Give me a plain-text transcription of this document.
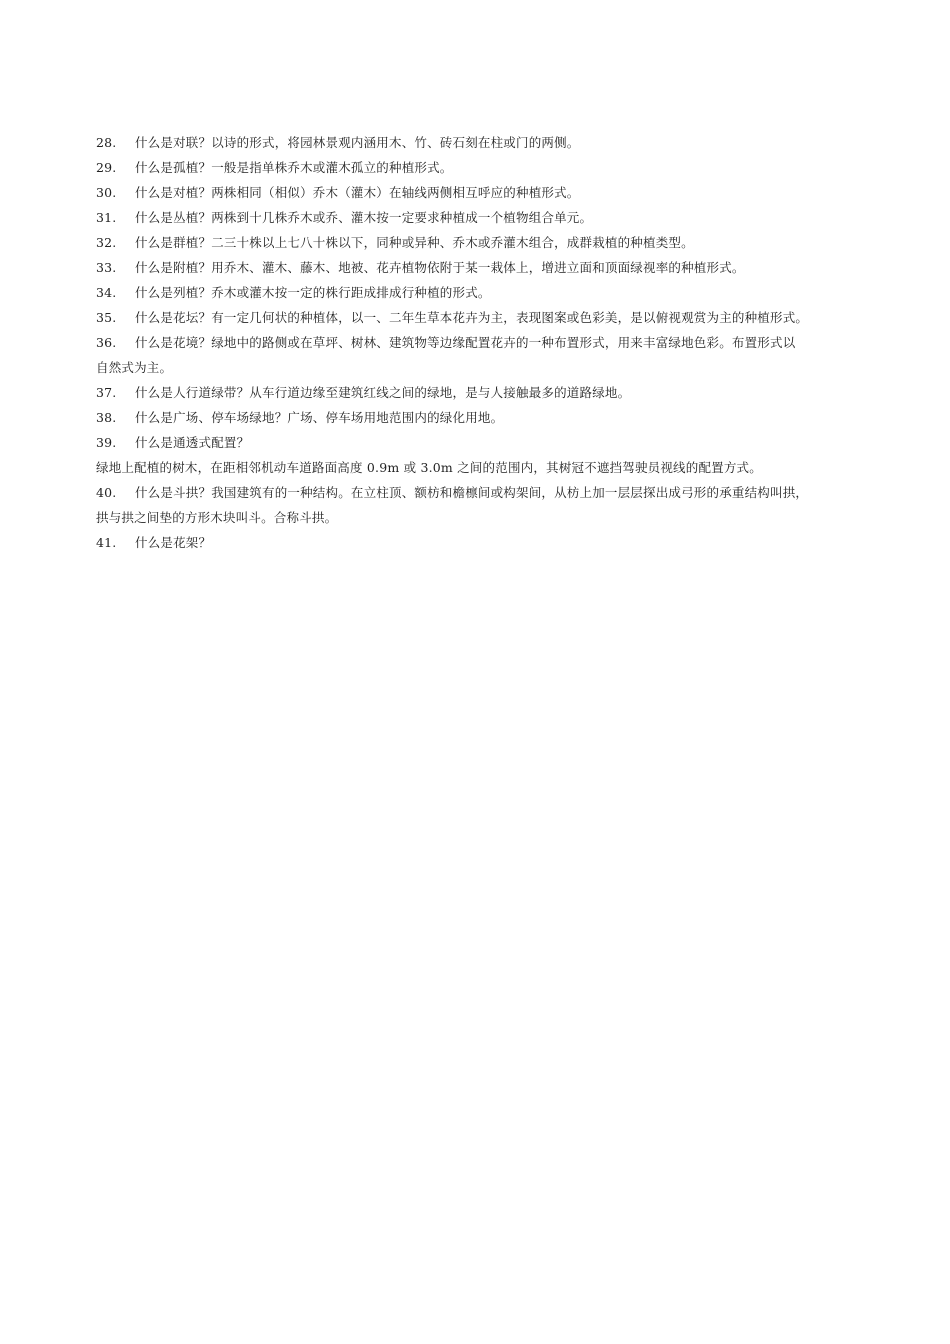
28. 什么是对联？以诗的形式，将园林景观内涵用木、竹、砖石刻在柱或门的两侧。
29. 什么是孤植？一般是指单株乔木或灌木孤立的种植形式。
30. 什么是对植？两株相同（相似）乔木（灌木）在轴线两侧相互呼应的种植形式。
31. 什么是丛植？两株到十几株乔木或乔、灌木按一定要求种植成一个植物组合单元。
32. 什么是群植？二三十株以上七八十株以下，同种或异种、乔木或乔灌木组合，成群栽植的种植类型。
33. 什么是附植？用乔木、灌木、藤木、地被、花卉植物依附于某一栽体上，增进立面和顶面绿视率的种植形式。
34. 什么是列植？乔木或灌木按一定的株行距成排成行种植的形式。
35. 什么是花坛？有一定几何状的种植体，以一、二年生草本花卉为主，表现图案或色彩美，是以俯视观赏为主的种植形式。
36. 什么是花境？绿地中的路侧或在草坪、树林、建筑物等边缘配置花卉的一种布置形式，用来丰富绿地色彩。布置形式以
自然式为主。
37. 什么是人行道绿带？从车行道边缘至建筑红线之间的绿地，是与人接触最多的道路绿地。
38. 什么是广场、停车场绿地？广场、停车场用地范围内的绿化用地。
39. 什么是通透式配置？
绿地上配植的树木，在距相邻机动车道路面高度 0.9m 或 3.0m 之间的范围内，其树冠不遮挡驾驶员视线的配置方式。
40. 什么是斗拱？我国建筑有的一种结构。在立柱顶、额枋和檐檩间或构架间，从枋上加一层层探出成弓形的承重结构叫拱，
拱与拱之间垫的方形木块叫斗。合称斗拱。
41. 什么是花架？
